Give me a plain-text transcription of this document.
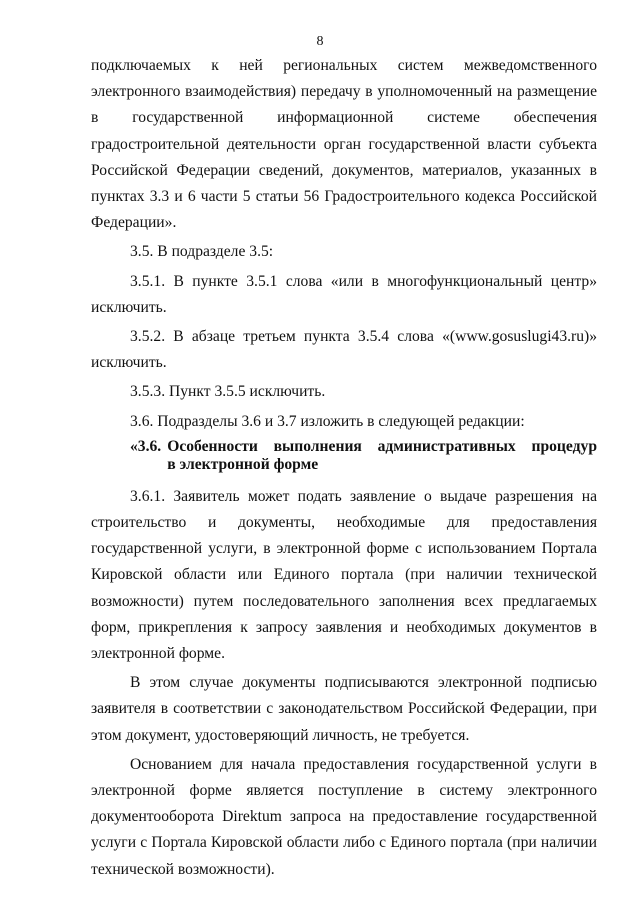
8

подключаемых к ней региональных систем межведомственного электронного взаимодействия) передачу в уполномоченный на размещение в государственной информационной системе обеспечения градостроительной деятельности орган государственной власти субъекта Российской Федерации сведений, документов, материалов, указанных в пунктах 3.3 и 6 части 5 статьи 56 Градостроительного кодекса Российской Федерации».

3.5. В подразделе 3.5:

3.5.1. В пункте 3.5.1 слова «или в многофункциональный центр» исключить.

3.5.2. В абзаце третьем пункта 3.5.4 слова «(www.gosuslugi43.ru)» исключить.

3.5.3. Пункт 3.5.5 исключить.

3.6. Подразделы 3.6 и 3.7 изложить в следующей редакции:

«3.6. Особенности выполнения административных процедур
в электронной форме

3.6.1. Заявитель может подать заявление о выдаче разрешения на строительство и документы, необходимые для предоставления государственной услуги, в электронной форме с использованием Портала Кировской области или Единого портала (при наличии технической возможности) путем последовательного заполнения всех предлагаемых форм, прикрепления к запросу заявления и необходимых документов в электронной форме.

В этом случае документы подписываются электронной подписью заявителя в соответствии с законодательством Российской Федерации, при этом документ, удостоверяющий личность, не требуется.

Основанием для начала предоставления государственной услуги в электронной форме является поступление в систему электронного документооборота Direktum запроса на предоставление государственной услуги с Портала Кировской области либо с Единого портала (при наличии технической возможности).
